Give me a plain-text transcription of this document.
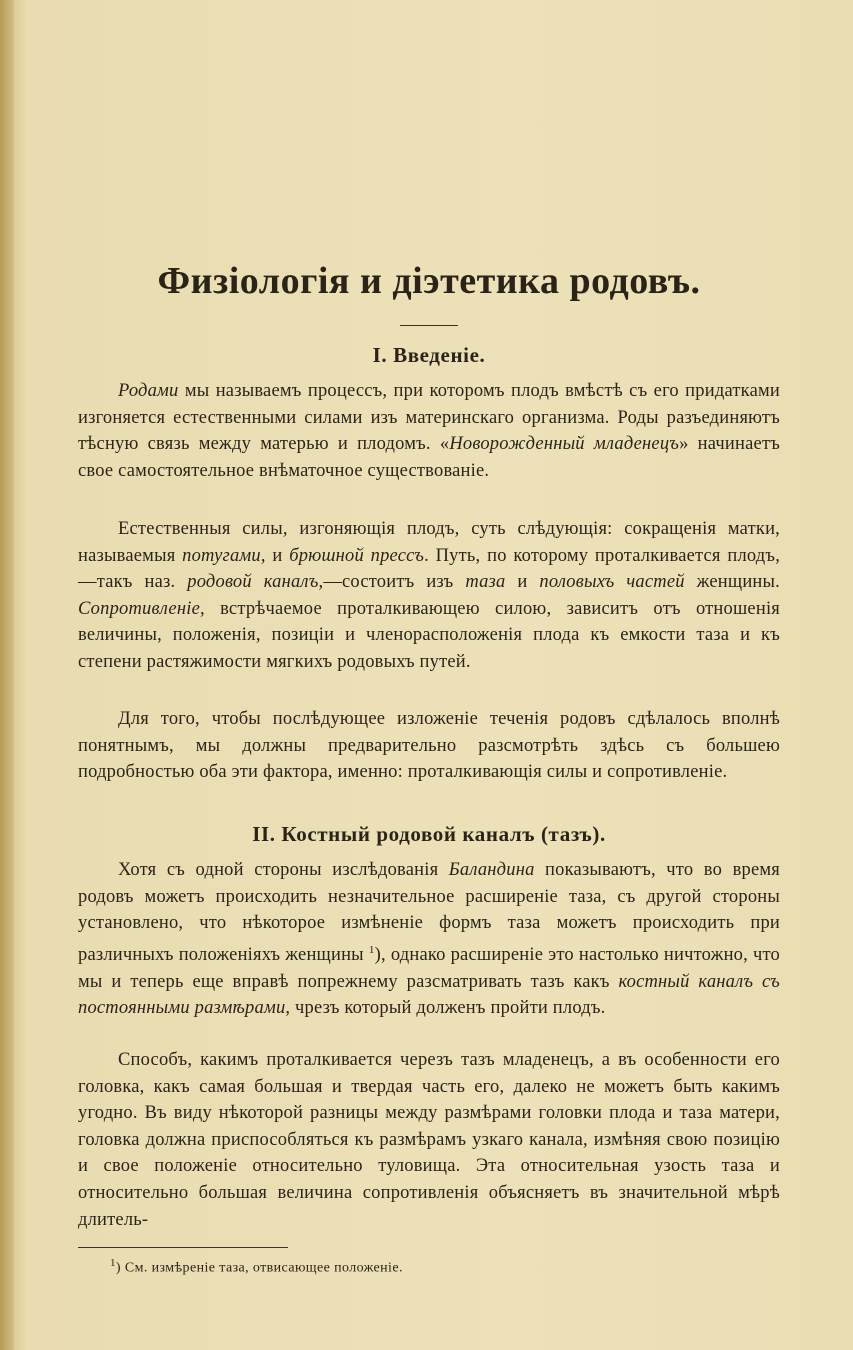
Физіологія и діэтетика родовъ.
I. Введеніе.

Родами мы называемъ процессъ, при которомъ плодъ вмѣстѣ съ его придатками изгоняется естественными силами изъ материнскаго организма. Роды разъединяютъ тѣсную связь между матерью и плодомъ. «Новорожденный младенецъ» начинаетъ свое самостоятельное внѣматочное существованіе.

Естественныя силы, изгоняющія плодъ, суть слѣдующія: сокращенія матки, называемыя потугами, и брюшной прессъ. Путь, по которому проталкивается плодъ,—такъ наз. родовой каналъ,—состоитъ изъ таза и половыхъ частей женщины. Сопротивленіе, встрѣчаемое проталкивающею силою, зависитъ отъ отношенія величины, положенія, позиціи и членорасположенія плода къ емкости таза и къ степени растяжимости мягкихъ родовыхъ путей.

Для того, чтобы послѣдующее изложеніе теченія родовъ сдѣлалось вполнѣ понятнымъ, мы должны предварительно разсмотрѣть здѣсь съ большею подробностью оба эти фактора, именно: проталкивающія силы и сопротивленіе.

II. Костный родовой каналъ (тазъ).

Хотя съ одной стороны изслѣдованія Баландина показываютъ, что во время родовъ можетъ происходить незначительное расширеніе таза, съ другой стороны установлено, что нѣкоторое измѣненіе формъ таза можетъ происходить при различныхъ положеніяхъ женщины $^1$), однако расширеніе это настолько ничтожно, что мы и теперь еще вправѣ попрежнему разсматривать тазъ какъ костный каналъ съ постоянными размѣрами, чрезъ который долженъ пройти плодъ.

Способъ, какимъ проталкивается черезъ тазъ младенецъ, а въ особенности его головка, какъ самая большая и твердая часть его, далеко не можетъ быть какимъ угодно. Въ виду нѣкоторой разницы между размѣрами головки плода и таза матери, головка должна приспособляться къ размѣрамъ узкаго канала, измѣняя свою позицію и свое положеніе относительно туловища. Эта относительная узость таза и относительно большая величина сопротивленія объясняетъ въ значительной мѣрѣ длитель-

$^1$) См. измѣреніе таза, отвисающее положеніе.
